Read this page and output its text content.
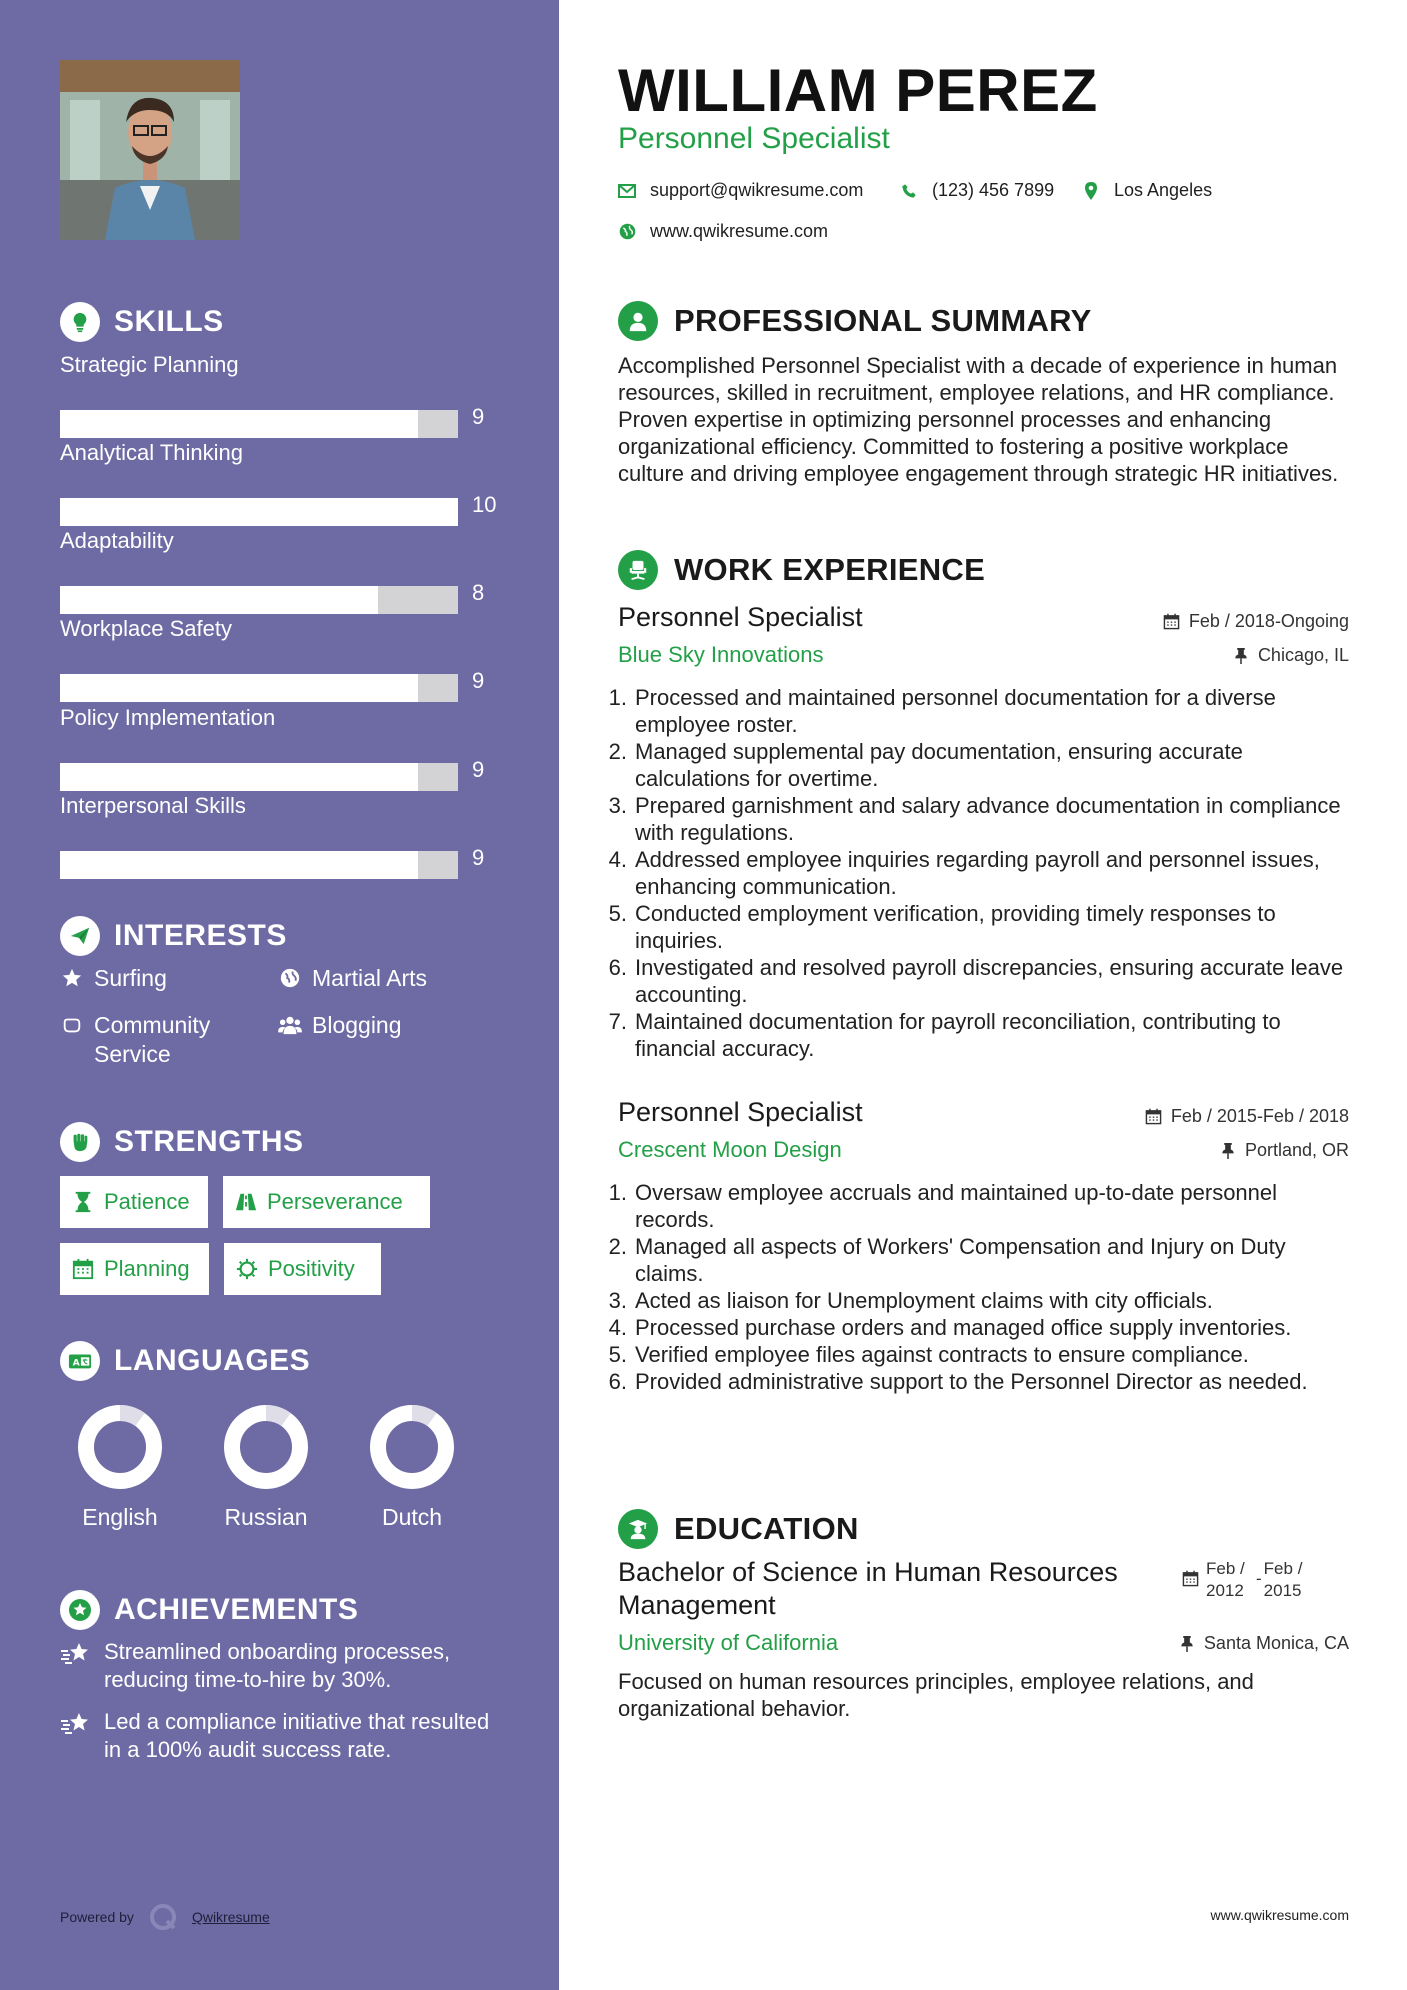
SKILLS
Strategic Planning
9
Analytical Thinking
10
Adaptability
8
Workplace Safety
9
Policy Implementation
9
Interpersonal Skills
9
INTERESTS
Surfing	Martial Arts
Community Service
Blogging
STRENGTHS
Patience	Perseverance
Planning	Positivity
A LANGUAGES
English	Russian	Dutch
ACHIEVEMENTS
Streamlined onboarding processes, reducing time-to-hire by 30%.
Led a compliance initiative that resulted in a 100% audit success rate.
Powered by	Qwikresume
WILLIAM PEREZ
Personnel Specialist
support@qwikresume.com	(123) 456 7899	Los Angeles
www.qwikresume.com
PROFESSIONAL SUMMARY
Accomplished Personnel Specialist with a decade of experience in human resources, skilled in recruitment, employee relations, and HR compliance. Proven expertise in optimizing personnel processes and enhancing organizational efficiency. Committed to fostering a positive workplace culture and driving employee engagement through strategic HR initiatives.
WORK EXPERIENCE
Personnel Specialist	Feb / 2018-Ongoing
Blue Sky Innovations	Chicago, IL
1. Processed and maintained personnel documentation for a diverse employee roster.
2. Managed supplemental pay documentation, ensuring accurate calculations for overtime.
3. Prepared garnishment and salary advance documentation in compliance with regulations.
4. Addressed employee inquiries regarding payroll and personnel issues, enhancing communication.
5. Conducted employment verification, providing timely responses to inquiries.
6. Investigated and resolved payroll discrepancies, ensuring accurate leave accounting.
7. Maintained documentation for payroll reconciliation, contributing to financial accuracy.
Personnel Specialist	Feb / 2015-Feb / 2018
Crescent Moon Design	Portland, OR
1. Oversaw employee accruals and maintained up-to-date personnel records.
2. Managed all aspects of Workers' Compensation and Injury on Duty claims.
3. Acted as liaison for Unemployment claims with city officials.
4. Processed purchase orders and managed office supply inventories.
5. Verified employee files against contracts to ensure compliance.
6. Provided administrative support to the Personnel Director as needed.
EDUCATION
Bachelor of Science in Human Resources Management
Feb / 2012
-
Feb / 2015
University of California	Santa Monica, CA
Focused on human resources principles, employee relations, and organizational behavior.
www.qwikresume.com
